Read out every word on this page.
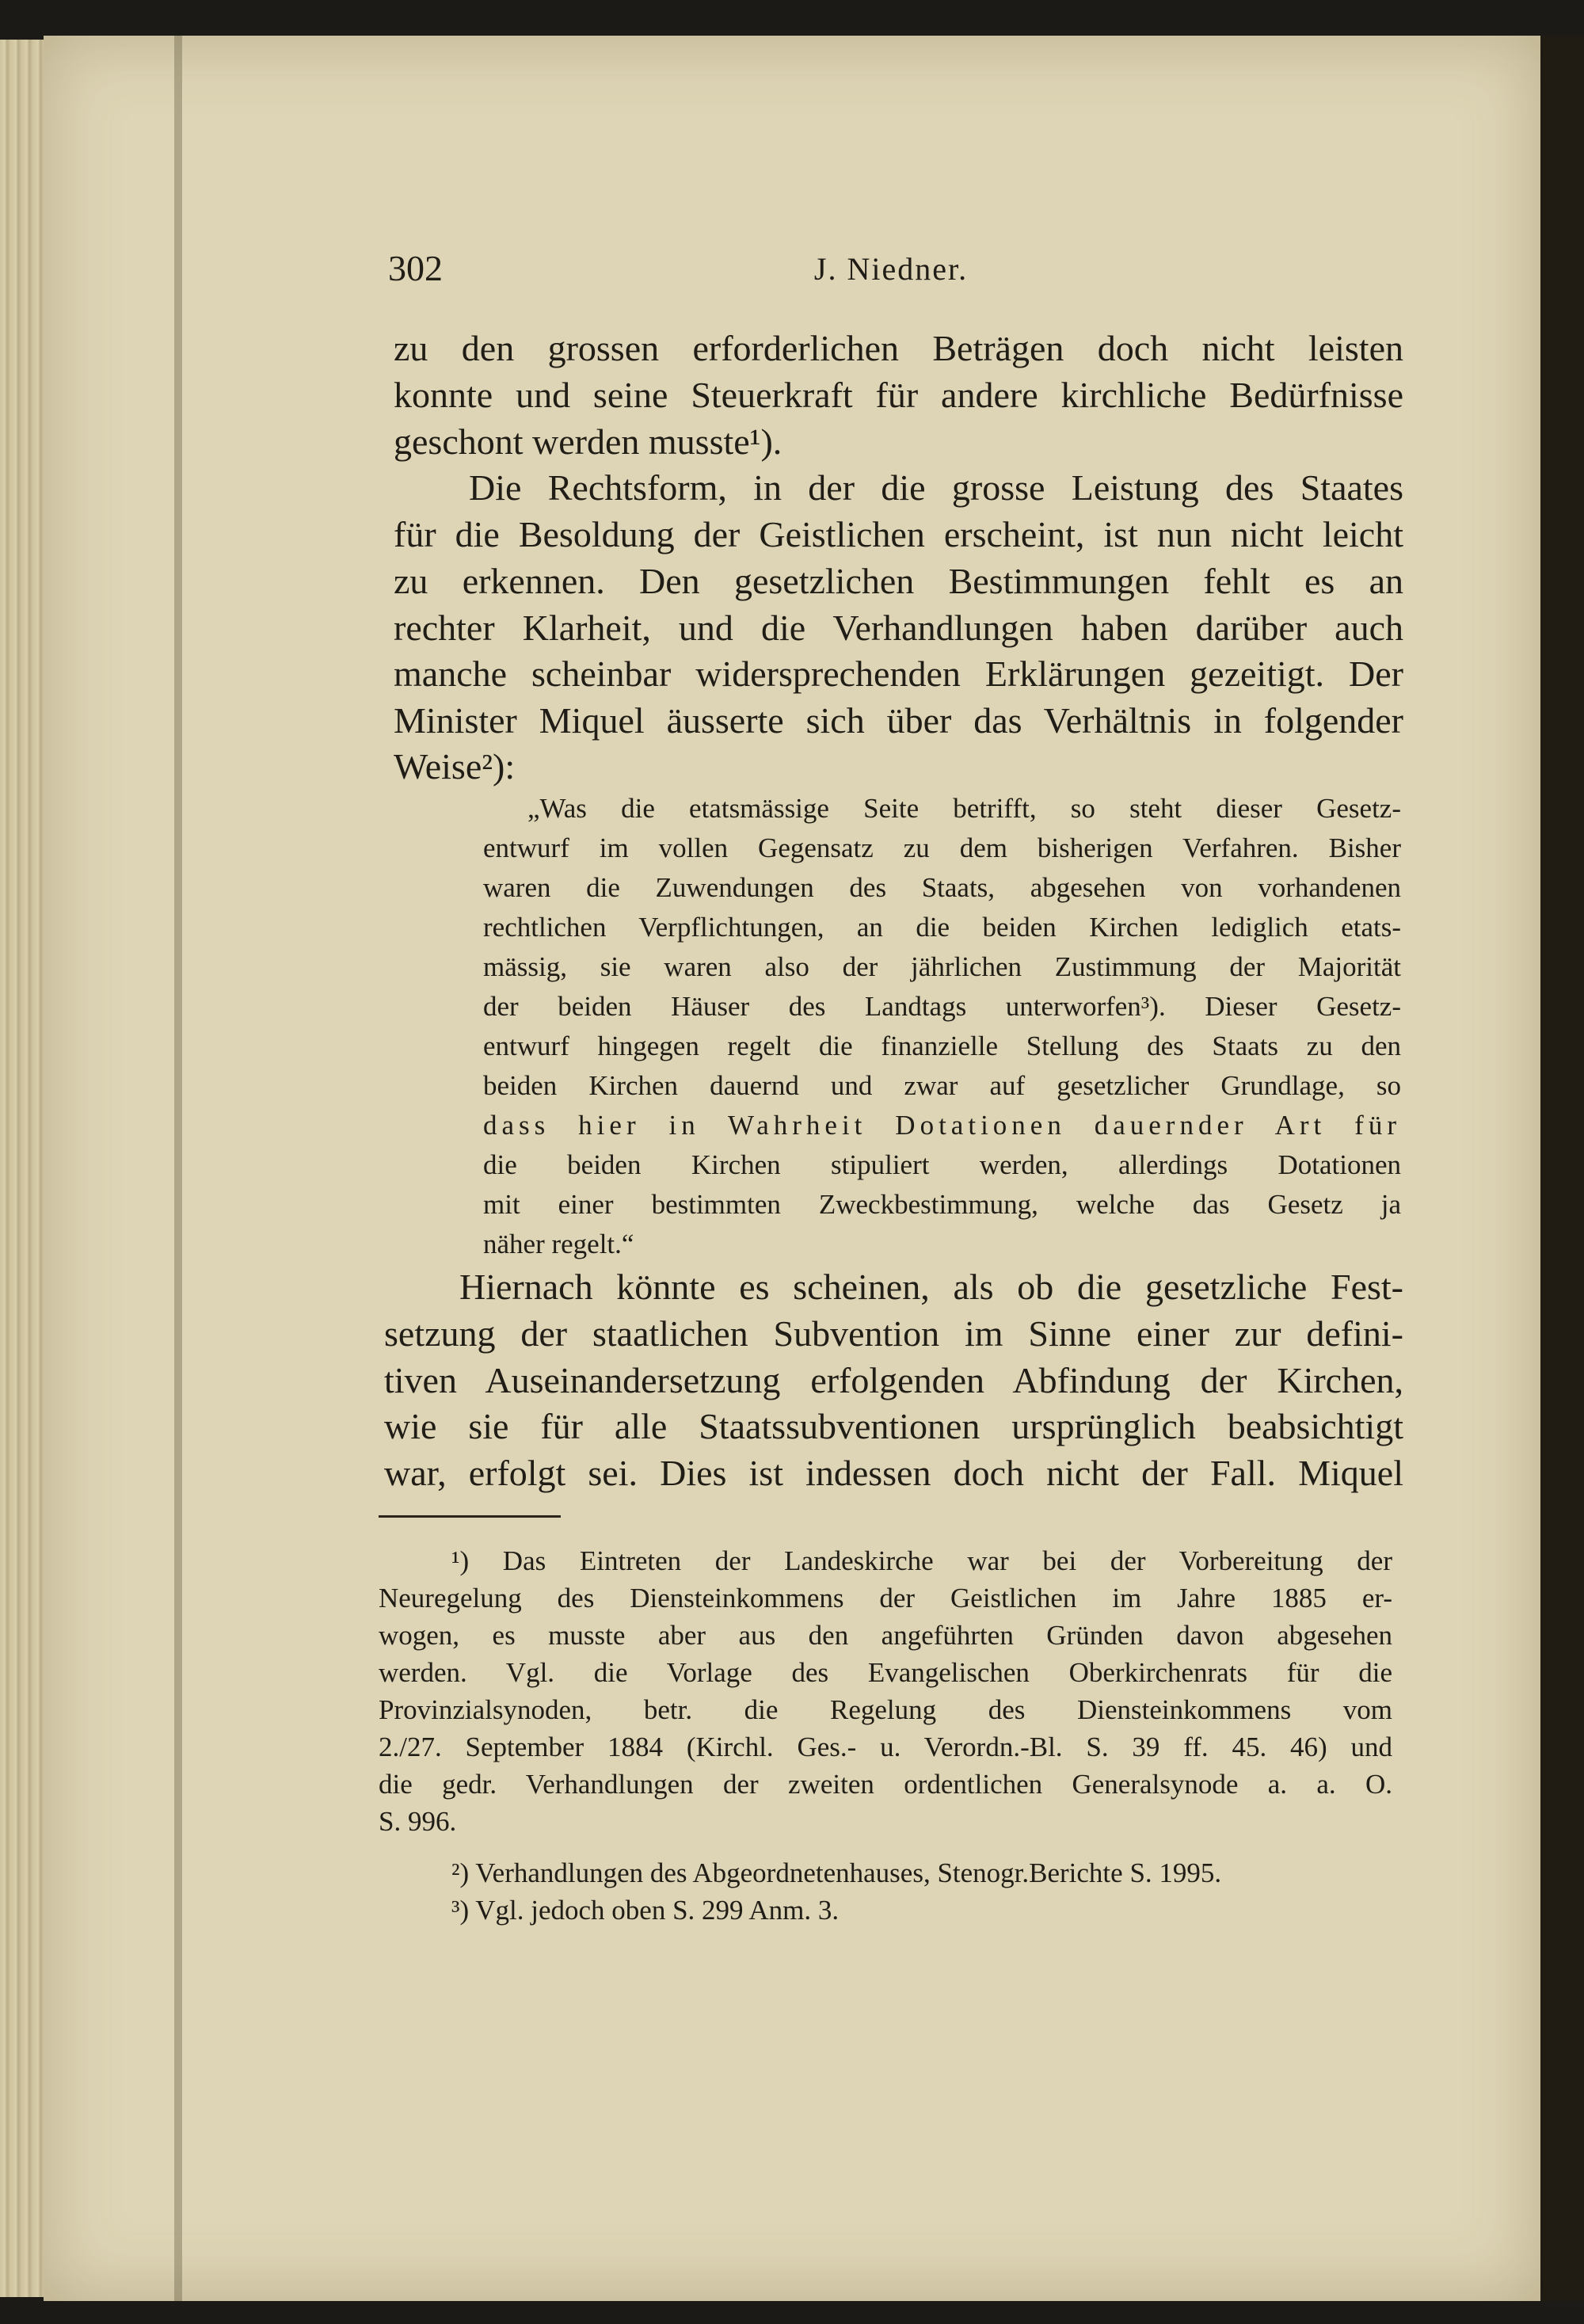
302	J. Niedner.
zu den grossen erforderlichen Beträgen doch nicht leisten
konnte und seine Steuerkraft für andere kirchliche Bedürfnisse
geschont werden musste¹).
Die Rechtsform, in der die grosse Leistung des Staates
für die Besoldung der Geistlichen erscheint, ist nun nicht leicht
zu erkennen. Den gesetzlichen Bestimmungen fehlt es an
rechter Klarheit, und die Verhandlungen haben darüber auch
manche scheinbar widersprechenden Erklärungen gezeitigt. Der
Minister Miquel äusserte sich über das Verhältnis in folgender
Weise²):
„Was die etatsmässige Seite betrifft, so steht dieser Gesetz-
entwurf im vollen Gegensatz zu dem bisherigen Verfahren. Bisher
waren die Zuwendungen des Staats, abgesehen von vorhandenen
rechtlichen Verpflichtungen, an die beiden Kirchen lediglich etats-
mässig, sie waren also der jährlichen Zustimmung der Majorität
der beiden Häuser des Landtags unterworfen³). Dieser Gesetz-
entwurf hingegen regelt die finanzielle Stellung des Staats zu den
beiden Kirchen dauernd und zwar auf gesetzlicher Grundlage, so
dass hier in Wahrheit Dotationen dauernder Art für
die beiden Kirchen stipuliert werden, allerdings Dotationen
mit einer bestimmten Zweckbestimmung, welche das Gesetz ja
näher regelt.“
Hiernach könnte es scheinen, als ob die gesetzliche Fest-
setzung der staatlichen Subvention im Sinne einer zur defini-
tiven Auseinandersetzung erfolgenden Abfindung der Kirchen,
wie sie für alle Staatssubventionen ursprünglich beabsichtigt
war, erfolgt sei. Dies ist indessen doch nicht der Fall. Miquel
¹) Das Eintreten der Landeskirche war bei der Vorbereitung der
Neuregelung des Diensteinkommens der Geistlichen im Jahre 1885 er-
wogen, es musste aber aus den angeführten Gründen davon abgesehen
werden. Vgl. die Vorlage des Evangelischen Oberkirchenrats für die
Provinzialsynoden, betr. die Regelung des Diensteinkommens vom
2./27. September 1884 (Kirchl. Ges.- u. Verordn.-Bl. S. 39 ff. 45. 46) und
die gedr. Verhandlungen der zweiten ordentlichen Generalsynode a. a. O.
S. 996.
²) Verhandlungen des Abgeordnetenhauses, Stenogr.Berichte S. 1995.
³) Vgl. jedoch oben S. 299 Anm. 3.
